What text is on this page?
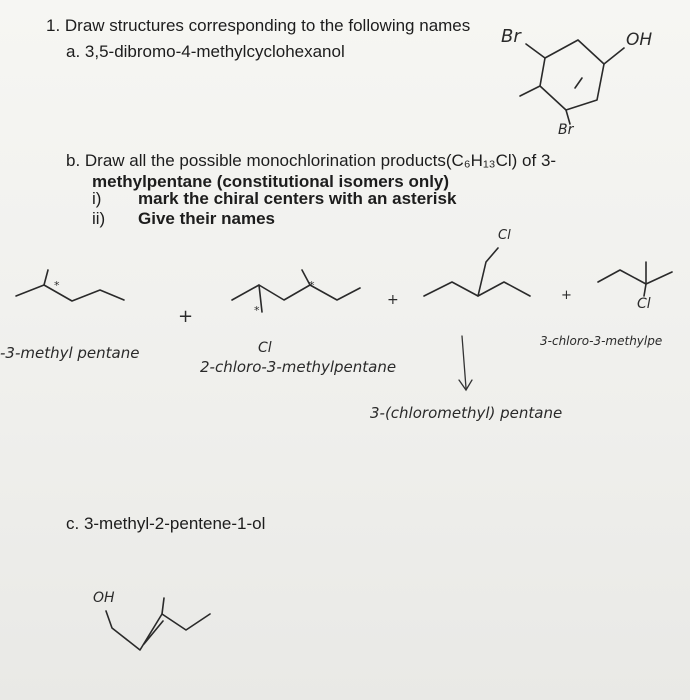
1. Draw structures corresponding to the following names
a. 3,5-dibromo-4-methylcyclohexanol
b. Draw all the possible monochlorination products(C₆H₁₃Cl) of 3-
methylpentane (constitutional isomers only)
i) mark the chiral centers with an asterisk
ii) Give their names
c. 3-methyl-2-pentene-1-ol
Br	OH
Br
Cl
*
*
*
+
+	+
Cl
Cl
-3-methyl pentane
2-chloro-3-methylpentane
3-(chloromethyl) pentane
3-chloro-3-methylpe
OH
